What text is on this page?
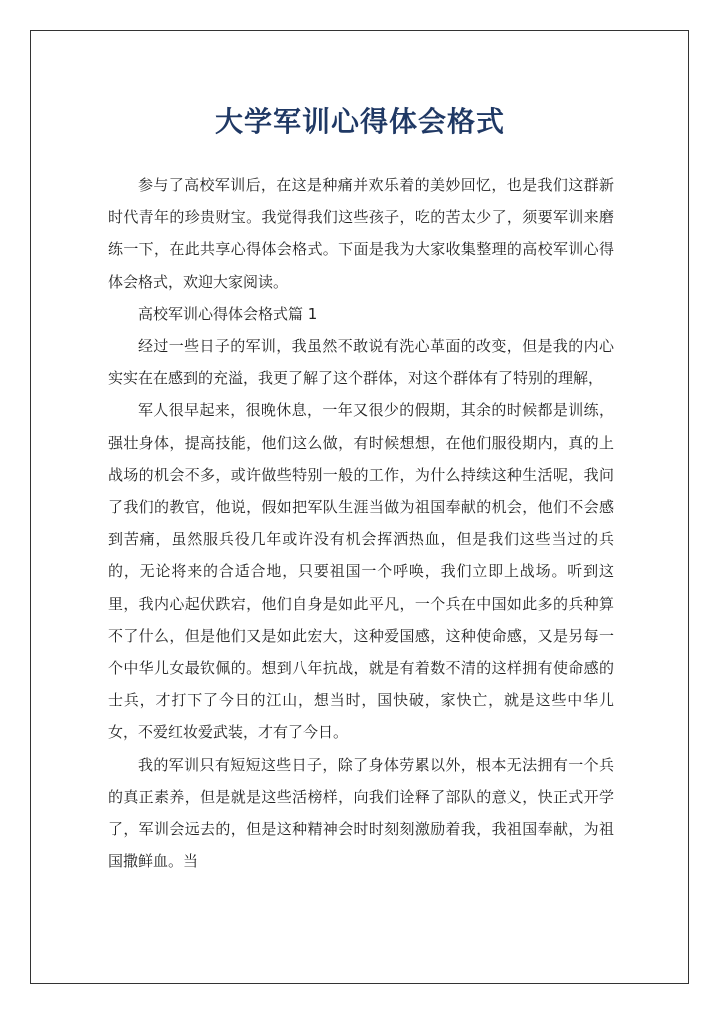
大学军训心得体会格式

参与了高校军训后，在这是种痛并欢乐着的美妙回忆，也是我们这群新时代青年的珍贵财宝。我觉得我们这些孩子，吃的苦太少了，须要军训来磨练一下，在此共享心得体会格式。下面是我为大家收集整理的高校军训心得体会格式，欢迎大家阅读。

高校军训心得体会格式篇 1

经过一些日子的军训，我虽然不敢说有洗心革面的改变，但是我的内心实实在在感到的充溢，我更了解了这个群体，对这个群体有了特别的理解，

军人很早起来，很晚休息，一年又很少的假期，其余的时候都是训练，强壮身体，提高技能，他们这么做，有时候想想，在他们服役期内，真的上战场的机会不多，或许做些特别一般的工作，为什么持续这种生活呢，我问了我们的教官，他说，假如把军队生涯当做为祖国奉献的机会，他们不会感到苦痛，虽然服兵役几年或许没有机会挥洒热血，但是我们这些当过的兵的，无论将来的合适合地，只要祖国一个呼唤，我们立即上战场。听到这里，我内心起伏跌宕，他们自身是如此平凡，一个兵在中国如此多的兵种算不了什么，但是他们又是如此宏大，这种爱国感，这种使命感，又是另每一个中华儿女最钦佩的。想到八年抗战，就是有着数不清的这样拥有使命感的士兵，才打下了今日的江山，想当时，国快破，家快亡，就是这些中华儿女，不爱红妆爱武装，才有了今日。

我的军训只有短短这些日子，除了身体劳累以外，根本无法拥有一个兵的真正素养，但是就是这些活榜样，向我们诠释了部队的意义，快正式开学了，军训会远去的，但是这种精神会时时刻刻激励着我，我祖国奉献，为祖国撒鲜血。当
